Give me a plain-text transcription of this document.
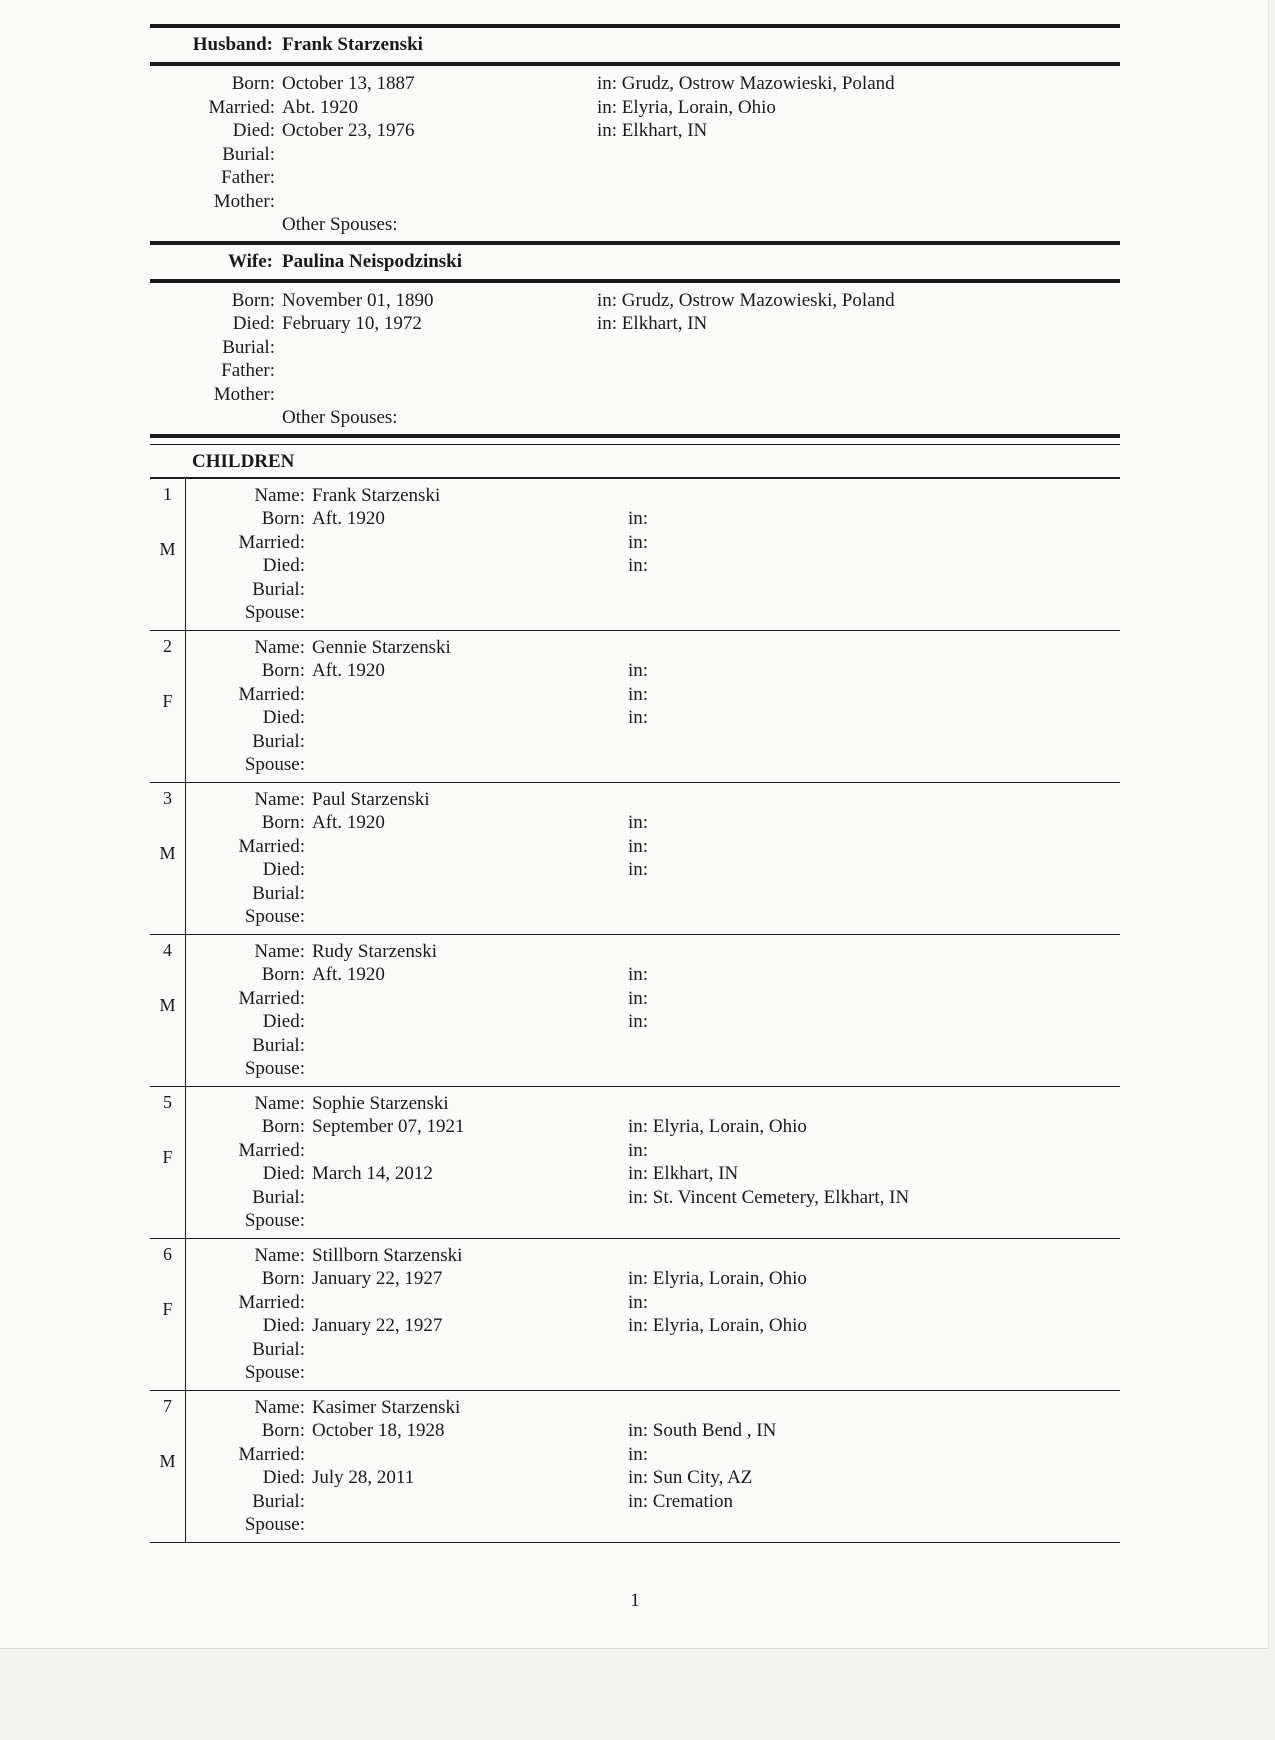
Husband: Frank Starzenski
Born: October 13, 1887	in: Grudz, Ostrow Mazowieski, Poland
Married: Abt. 1920	in: Elyria, Lorain, Ohio
Died: October 23, 1976	in: Elkhart, IN
Burial:
Father:
Mother:
Other Spouses:
Wife: Paulina Neispodzinski
Born: November 01, 1890	in: Grudz, Ostrow Mazowieski, Poland
Died: February 10, 1972	in: Elkhart, IN
Burial:
Father:
Mother:
Other Spouses:
CHILDREN
1
M
Name: Frank Starzenski
Born: Aft. 1920	in:
Married:	in:
Died:	in:
Burial:
Spouse:
2
F
Name: Gennie Starzenski
Born: Aft. 1920	in:
Married:	in:
Died:	in:
Burial:
Spouse:
3
M
Name: Paul Starzenski
Born: Aft. 1920	in:
Married:	in:
Died:	in:
Burial:
Spouse:
4
M
Name: Rudy Starzenski
Born: Aft. 1920	in:
Married:	in:
Died:	in:
Burial:
Spouse:
5
F
Name: Sophie Starzenski
Born: September 07, 1921	in: Elyria, Lorain, Ohio
Married:	in:
Died: March 14, 2012	in: Elkhart, IN
Burial:	in: St. Vincent Cemetery, Elkhart, IN
Spouse:
6
F
Name: Stillborn Starzenski
Born: January 22, 1927	in: Elyria, Lorain, Ohio
Married:	in:
Died: January 22, 1927	in: Elyria, Lorain, Ohio
Burial:
Spouse:
7
M
Name: Kasimer Starzenski
Born: October 18, 1928	in: South Bend , IN
Married:	in:
Died: July 28, 2011	in: Sun City, AZ
Burial:	in: Cremation
Spouse:
1
